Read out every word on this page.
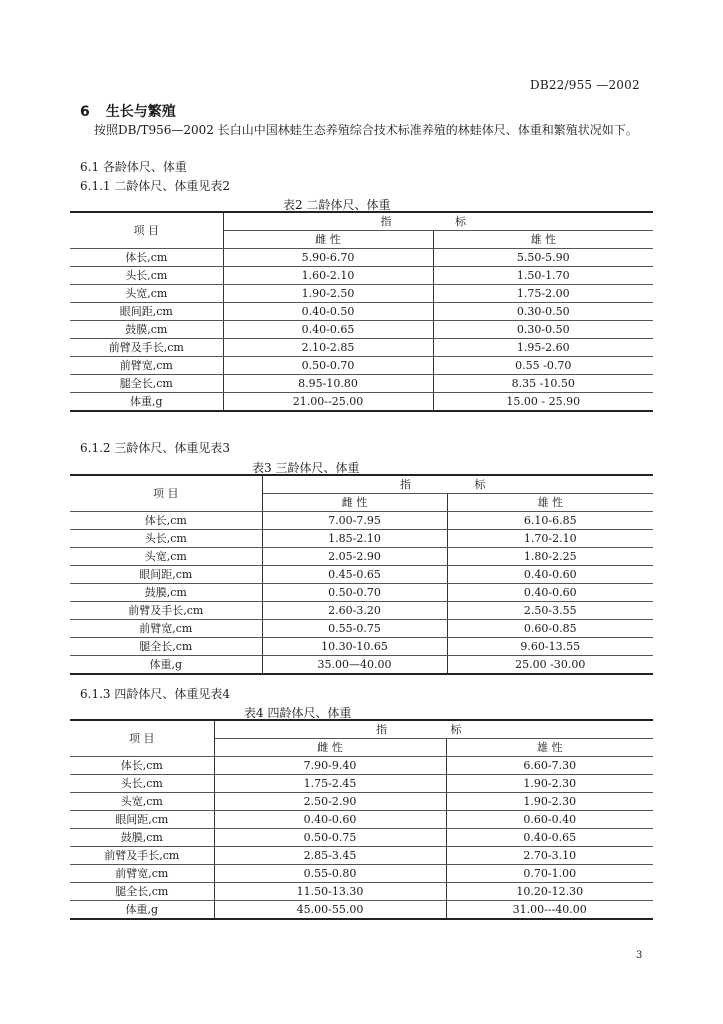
DB22/955 —2002
6 生长与繁殖
按照DB/T956—2002 长白山中国林蛙生态养殖综合技术标准养殖的林蛙体尺、体重和繁殖状况如下。
6.1 各龄体尺、体重
6.1.1 二龄体尺、体重见表2
表2 二龄体尺、体重
项 目	指 标	
	雌 性	雄 性
体长,cm	5.90-6.70	5.50-5.90
头长,cm	1.60-2.10	1.50-1.70
头宽,cm	1.90-2.50	1.75-2.00
眼间距,cm	0.40-0.50	0.30-0.50
鼓膜,cm	0.40-0.65	0.30-0.50
前臂及手长,cm	2.10-2.85	1.95-2.60
前臂宽,cm	0.50-0.70	0.55 -0.70
腿全长,cm	8.95-10.80	8.35 -10.50
体重,g	21.00--25.00	15.00 - 25.90
6.1.2 三龄体尺、体重见表3
表3 三龄体尺、体重
项 目	指 标	
	雌 性	雄 性
体长,cm	7.00-7.95	6.10-6.85
头长,cm	1.85-2.10	1.70-2.10
头宽,cm	2.05-2.90	1.80-2.25
眼间距,cm	0.45-0.65	0.40-0.60
鼓膜,cm	0.50-0.70	0.40-0.60
前臂及手长,cm	2.60-3.20	2.50-3.55
前臂宽,cm	0.55-0.75	0.60-0.85
腿全长,cm	10.30-10.65	9.60-13.55
体重,g	35.00—40.00	25.00 -30.00
6.1.3 四龄体尺、体重见表4
表4 四龄体尺、体重
项 目	指 标	
	雌 性	雄 性
体长,cm	7.90-9.40	6.60-7.30
头长,cm	1.75-2.45	1.90-2.30
头宽,cm	2.50-2.90	1.90-2.30
眼间距,cm	0.40-0.60	0.60-0.40
鼓膜,cm	0.50-0.75	0.40-0.65
前臂及手长,cm	2.85-3.45	2.70-3.10
前臂宽,cm	0.55-0.80	0.70-1.00
腿全长,cm	11.50-13.30	10.20-12.30
体重,g	45.00-55.00	31.00---40.00
3
